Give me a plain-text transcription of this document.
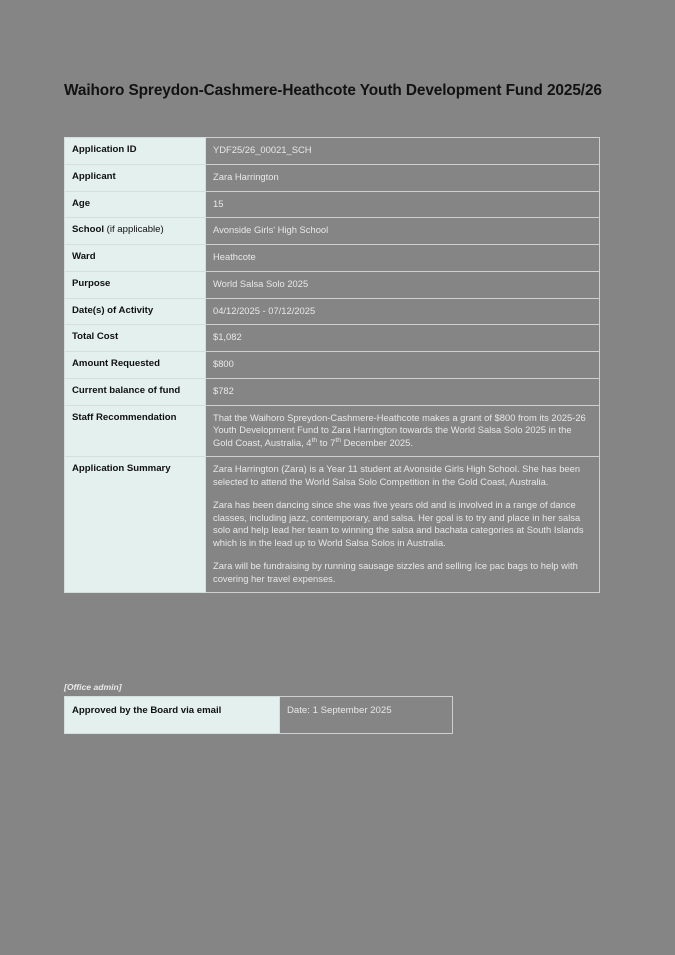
Waihoro Spreydon-Cashmere-Heathcote Youth Development Fund 2025/26
Application ID	YDF25/26_00021_SCH
Applicant	Zara Harrington
Age	15
School (if applicable)	Avonside Girls' High School
Ward	Heathcote
Purpose	World Salsa Solo 2025
Date(s) of Activity	04/12/2025 - 07/12/2025
Total Cost	$1,082
Amount Requested	$800
Current balance of fund	$782
Staff Recommendation	That the Waihoro Spreydon-Cashmere-Heathcote makes a grant of $800 from its 2025-26 Youth Development Fund to Zara Harrington towards the World Salsa Solo 2025 in the Gold Coast, Australia, 4th to 7th December 2025.
Application Summary	Zara Harrington (Zara) is a Year 11 student at Avonside Girls High School. She has been selected to attend the World Salsa Solo Competition in the Gold Coast, Australia.

Zara has been dancing since she was five years old and is involved in a range of dance classes, including jazz, contemporary, and salsa. Her goal is to try and place in her salsa solo and help lead her team to winning the salsa and bachata categories at South Islands which is in the lead up to World Salsa Solos in Australia.

Zara will be fundraising by running sausage sizzles and selling Ice pac bags to help with covering her travel expenses.

[Office admin]
Approved by the Board via email	Date: 1 September 2025
